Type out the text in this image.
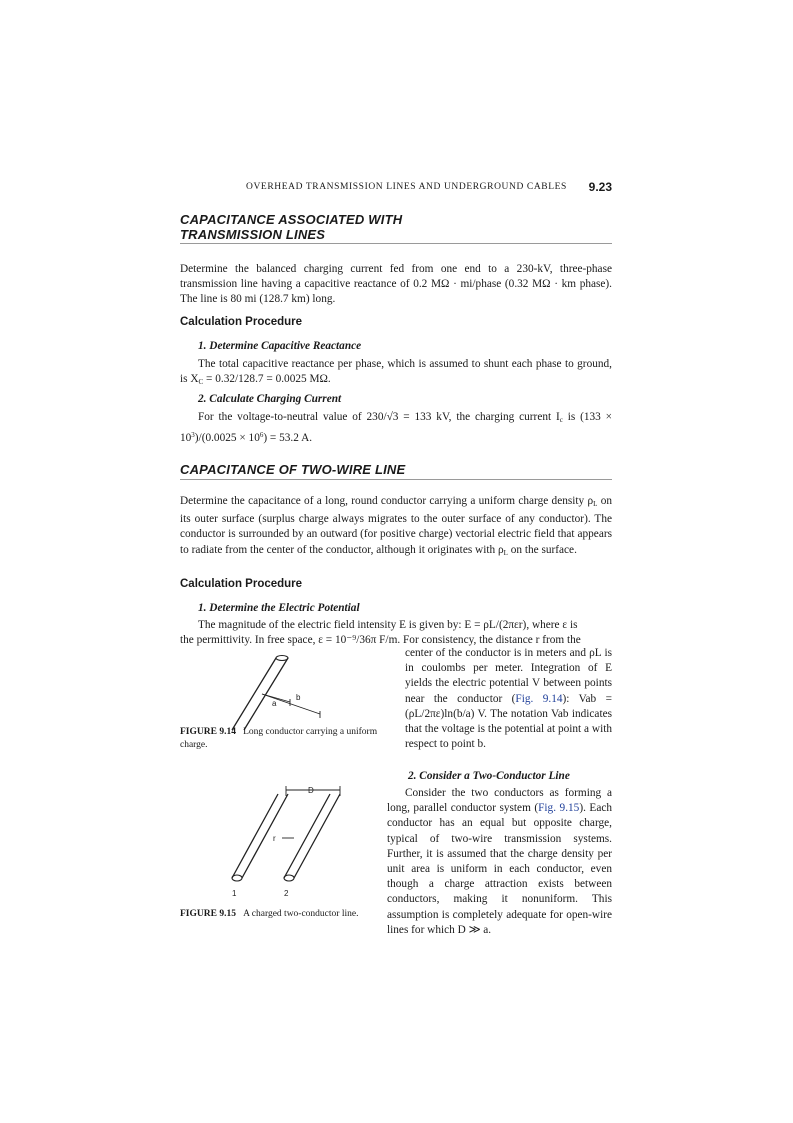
OVERHEAD TRANSMISSION LINES AND UNDERGROUND CABLES 9.23
CAPACITANCE ASSOCIATED WITH
TRANSMISSION LINES

Determine the balanced charging current fed from one end to a 230-kV, three-phase transmission line having a capacitive reactance of 0.2 MΩ · mi/phase (0.32 MΩ · km phase). The line is 80 mi (128.7 km) long.

Calculation Procedure
1. Determine Capacitive Reactance

The total capacitive reactance per phase, which is assumed to shunt each phase to ground, is $X_C = 0.32/128.7 = 0.0025$ MΩ.

2. Calculate Charging Current

For the voltage-to-neutral value of 230/√3 = 133 kV, the charging current $I_c$ is $(133 \times 10^3)/(0.0025 \times 10^6) = 53.2$ A.

CAPACITANCE OF TWO-WIRE LINE

Determine the capacitance of a long, round conductor carrying a uniform charge density $\rho_L$ on its outer surface (surplus charge always migrates to the outer surface of any conductor). The conductor is surrounded by an outward (for positive charge) vectorial electric field that appears to radiate from the center of the conductor, although it originates with $\rho_L$ on the surface.

Calculation Procedure
1. Determine the Electric Potential

The magnitude of the electric field intensity E is given by: E = ρL/(2πεr), where ε is

the permittivity. In free space, ε = 10⁻⁹/36π F/m. For consistency, the distance r from the

a
b
FIGURE 9.14 Long conductor carrying a uniform charge.

center of the conductor is in meters and ρL is in coulombs per meter. Integration of E yields the electric potential V between points near the conductor (Fig. 9.14): Vab = (ρL/2πε)ln(b/a) V. The notation Vab indicates that the voltage is the potential at point a with respect to point b.

D
r
1	2
FIGURE 9.15 A charged two-conductor line.
2. Consider a Two-Conductor Line

Consider the two conductors as forming a long, parallel conductor system (Fig. 9.15). Each conductor has an equal but opposite charge, typical of two-wire transmission systems. Further, it is assumed that the charge density per unit area is uniform in each conductor, even though a charge attraction exists between conductors, making it nonuniform. This assumption is completely adequate for open-wire lines for which D ≫ a.
